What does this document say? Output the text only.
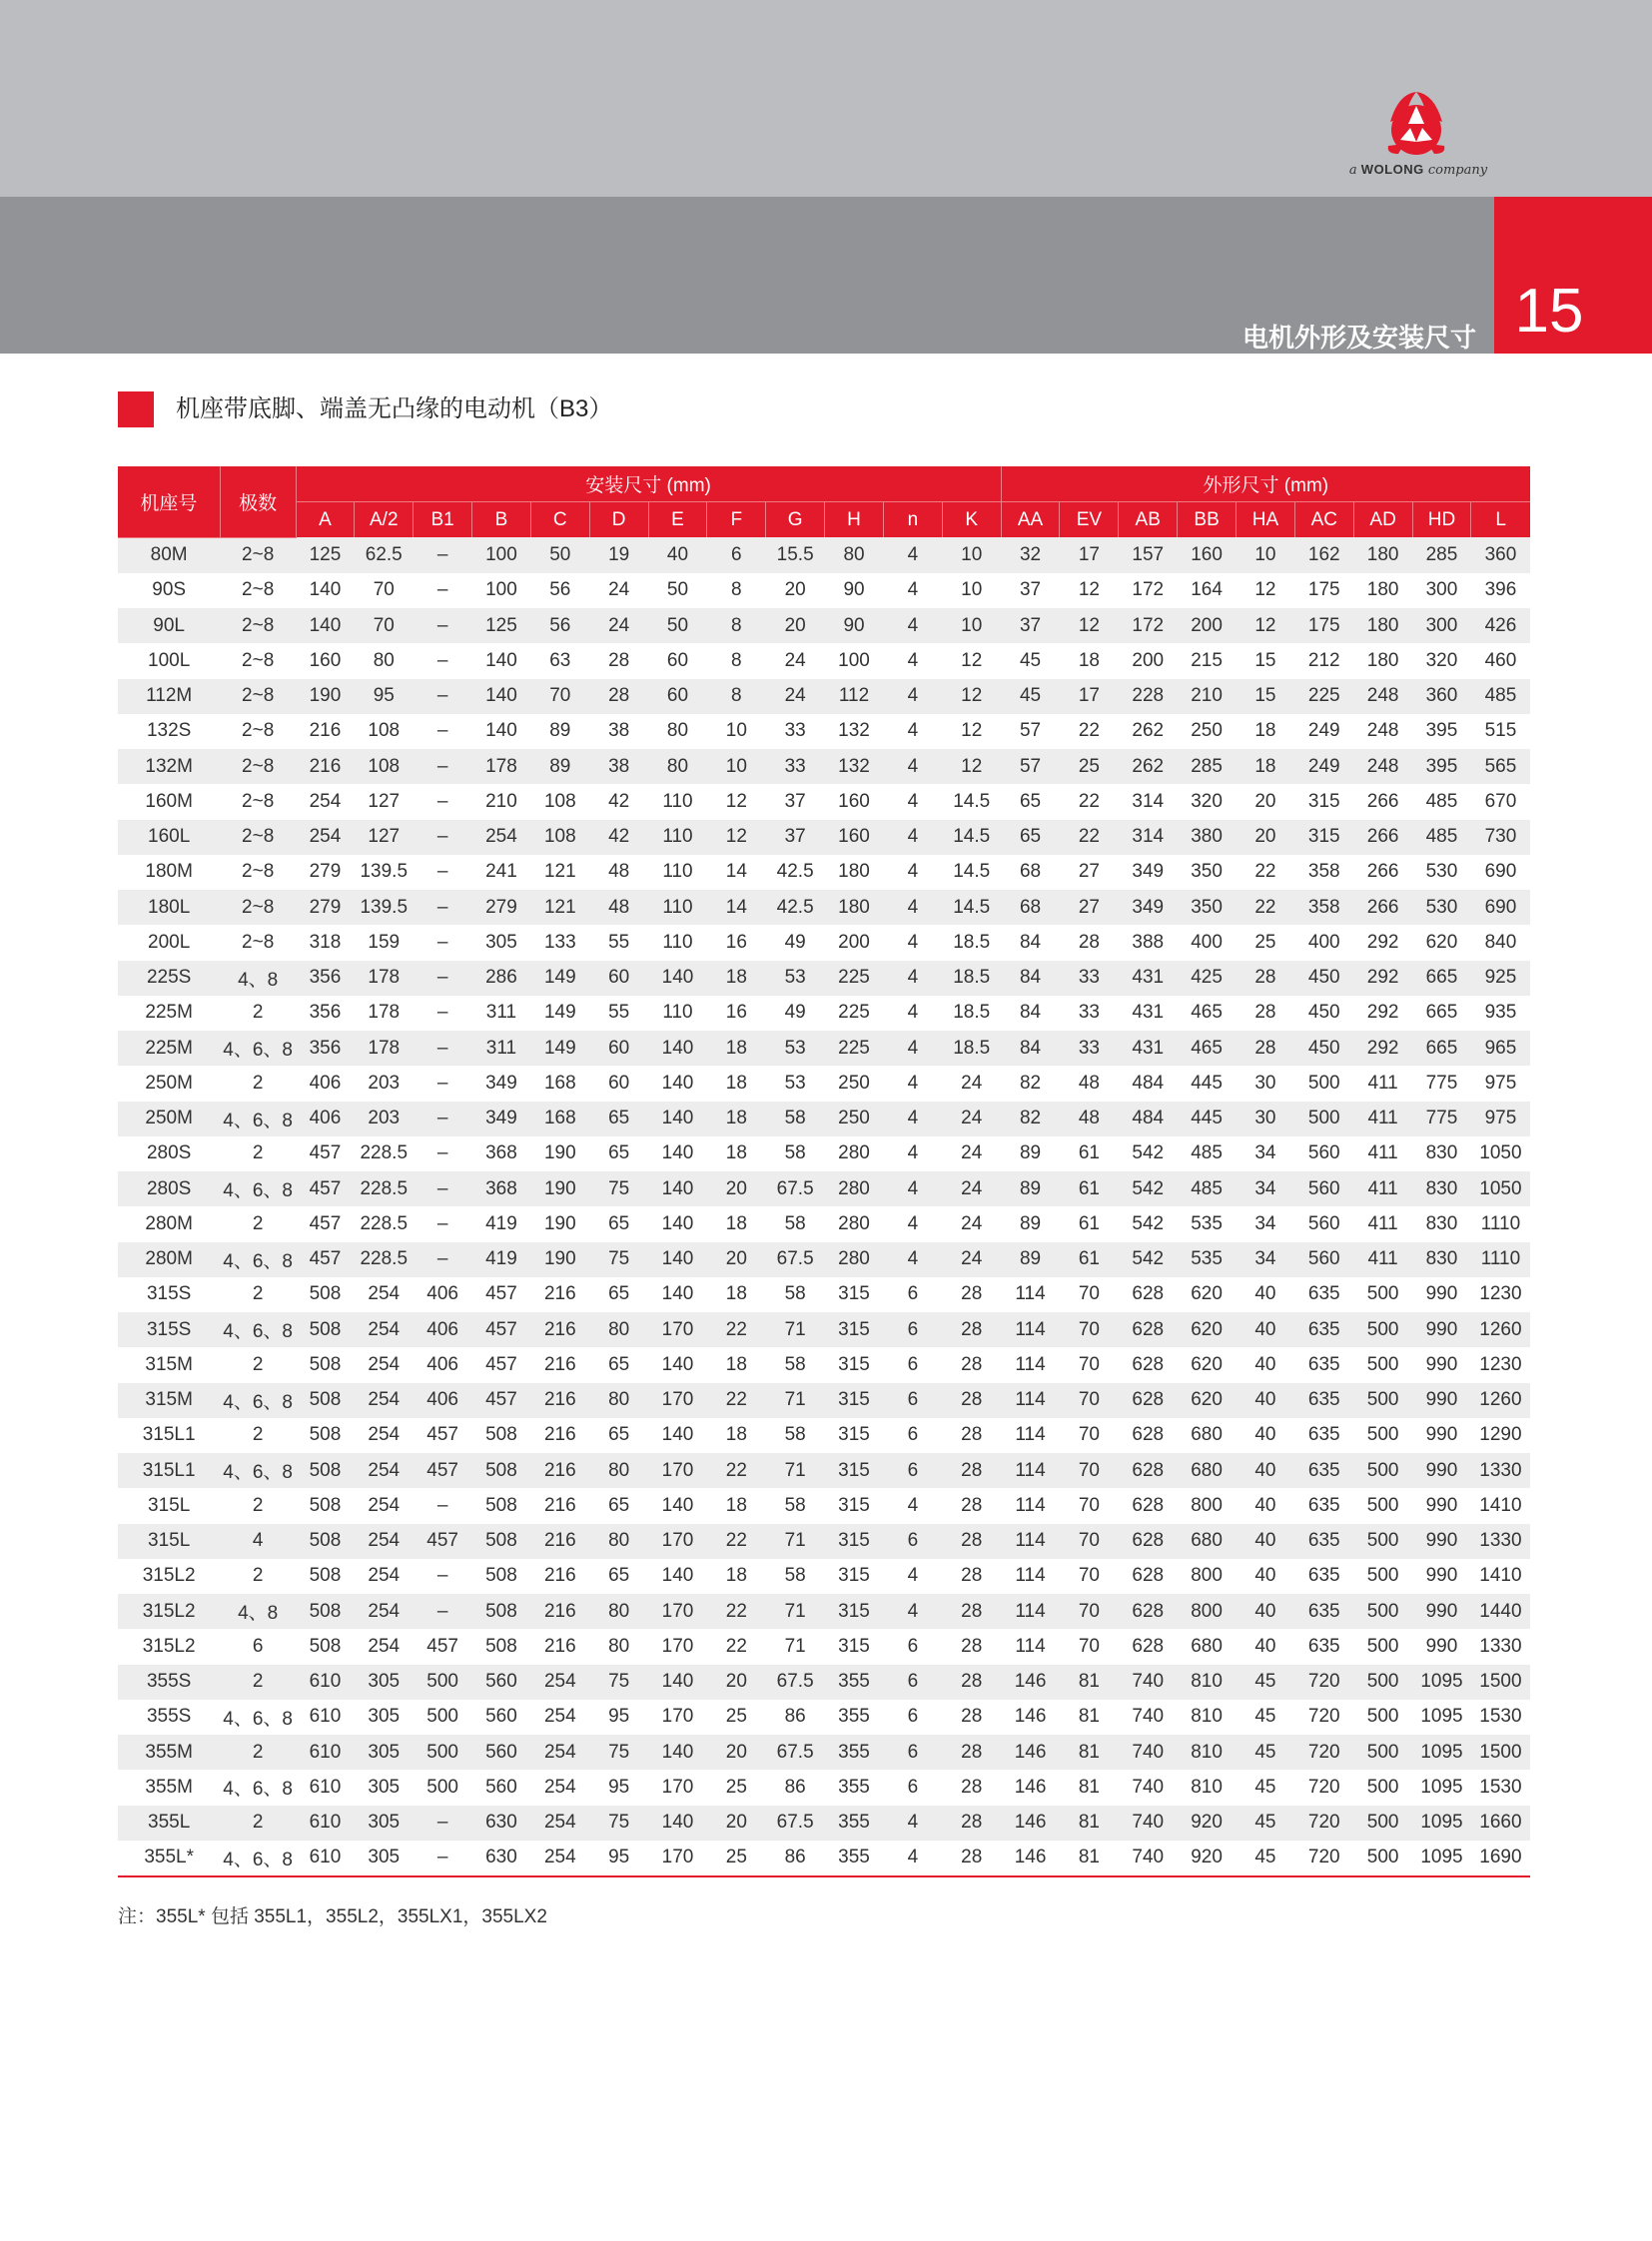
a WOLONG company
15
电机外形及安装尺寸
机座带底脚、端盖无凸缘的电动机（B3）
机座号	极数	安装尺寸 (mm)												外形尺寸 (mm)								
		A	A/2	B1	B	C	D	E	F	G	H	n	K	AA	EV	AB	BB	HA	AC	AD	HD	L
80M	2~8	125	62.5	–	100	50	19	40	6	15.5	80	4	10	32	17	157	160	10	162	180	285	360
90S	2~8	140	70	–	100	56	24	50	8	20	90	4	10	37	12	172	164	12	175	180	300	396
90L	2~8	140	70	–	125	56	24	50	8	20	90	4	10	37	12	172	200	12	175	180	300	426
100L	2~8	160	80	–	140	63	28	60	8	24	100	4	12	45	18	200	215	15	212	180	320	460
112M	2~8	190	95	–	140	70	28	60	8	24	112	4	12	45	17	228	210	15	225	248	360	485
132S	2~8	216	108	–	140	89	38	80	10	33	132	4	12	57	22	262	250	18	249	248	395	515
132M	2~8	216	108	–	178	89	38	80	10	33	132	4	12	57	25	262	285	18	249	248	395	565
160M	2~8	254	127	–	210	108	42	110	12	37	160	4	14.5	65	22	314	320	20	315	266	485	670
160L	2~8	254	127	–	254	108	42	110	12	37	160	4	14.5	65	22	314	380	20	315	266	485	730
180M	2~8	279	139.5	–	241	121	48	110	14	42.5	180	4	14.5	68	27	349	350	22	358	266	530	690
180L	2~8	279	139.5	–	279	121	48	110	14	42.5	180	4	14.5	68	27	349	350	22	358	266	530	690
200L	2~8	318	159	–	305	133	55	110	16	49	200	4	18.5	84	28	388	400	25	400	292	620	840
225S	4、8	356	178	–	286	149	60	140	18	53	225	4	18.5	84	33	431	425	28	450	292	665	925
225M	2	356	178	–	311	149	55	110	16	49	225	4	18.5	84	33	431	465	28	450	292	665	935
225M	4、6、8	356	178	–	311	149	60	140	18	53	225	4	18.5	84	33	431	465	28	450	292	665	965
250M	2	406	203	–	349	168	60	140	18	53	250	4	24	82	48	484	445	30	500	411	775	975
250M	4、6、8	406	203	–	349	168	65	140	18	58	250	4	24	82	48	484	445	30	500	411	775	975
280S	2	457	228.5	–	368	190	65	140	18	58	280	4	24	89	61	542	485	34	560	411	830	1050
280S	4、6、8	457	228.5	–	368	190	75	140	20	67.5	280	4	24	89	61	542	485	34	560	411	830	1050
280M	2	457	228.5	–	419	190	65	140	18	58	280	4	24	89	61	542	535	34	560	411	830	1110
280M	4、6、8	457	228.5	–	419	190	75	140	20	67.5	280	4	24	89	61	542	535	34	560	411	830	1110
315S	2	508	254	406	457	216	65	140	18	58	315	6	28	114	70	628	620	40	635	500	990	1230
315S	4、6、8	508	254	406	457	216	80	170	22	71	315	6	28	114	70	628	620	40	635	500	990	1260
315M	2	508	254	406	457	216	65	140	18	58	315	6	28	114	70	628	620	40	635	500	990	1230
315M	4、6、8	508	254	406	457	216	80	170	22	71	315	6	28	114	70	628	620	40	635	500	990	1260
315L1	2	508	254	457	508	216	65	140	18	58	315	6	28	114	70	628	680	40	635	500	990	1290
315L1	4、6、8	508	254	457	508	216	80	170	22	71	315	6	28	114	70	628	680	40	635	500	990	1330
315L	2	508	254	–	508	216	65	140	18	58	315	4	28	114	70	628	800	40	635	500	990	1410
315L	4	508	254	457	508	216	80	170	22	71	315	6	28	114	70	628	680	40	635	500	990	1330
315L2	2	508	254	–	508	216	65	140	18	58	315	4	28	114	70	628	800	40	635	500	990	1410
315L2	4、8	508	254	–	508	216	80	170	22	71	315	4	28	114	70	628	800	40	635	500	990	1440
315L2	6	508	254	457	508	216	80	170	22	71	315	6	28	114	70	628	680	40	635	500	990	1330
355S	2	610	305	500	560	254	75	140	20	67.5	355	6	28	146	81	740	810	45	720	500	1095	1500
355S	4、6、8	610	305	500	560	254	95	170	25	86	355	6	28	146	81	740	810	45	720	500	1095	1530
355M	2	610	305	500	560	254	75	140	20	67.5	355	6	28	146	81	740	810	45	720	500	1095	1500
355M	4、6、8	610	305	500	560	254	95	170	25	86	355	6	28	146	81	740	810	45	720	500	1095	1530
355L	2	610	305	–	630	254	75	140	20	67.5	355	4	28	146	81	740	920	45	720	500	1095	1660
355L*	4、6、8	610	305	–	630	254	95	170	25	86	355	4	28	146	81	740	920	45	720	500	1095	1690
注：355L* 包括 355L1，355L2，355LX1，355LX2
